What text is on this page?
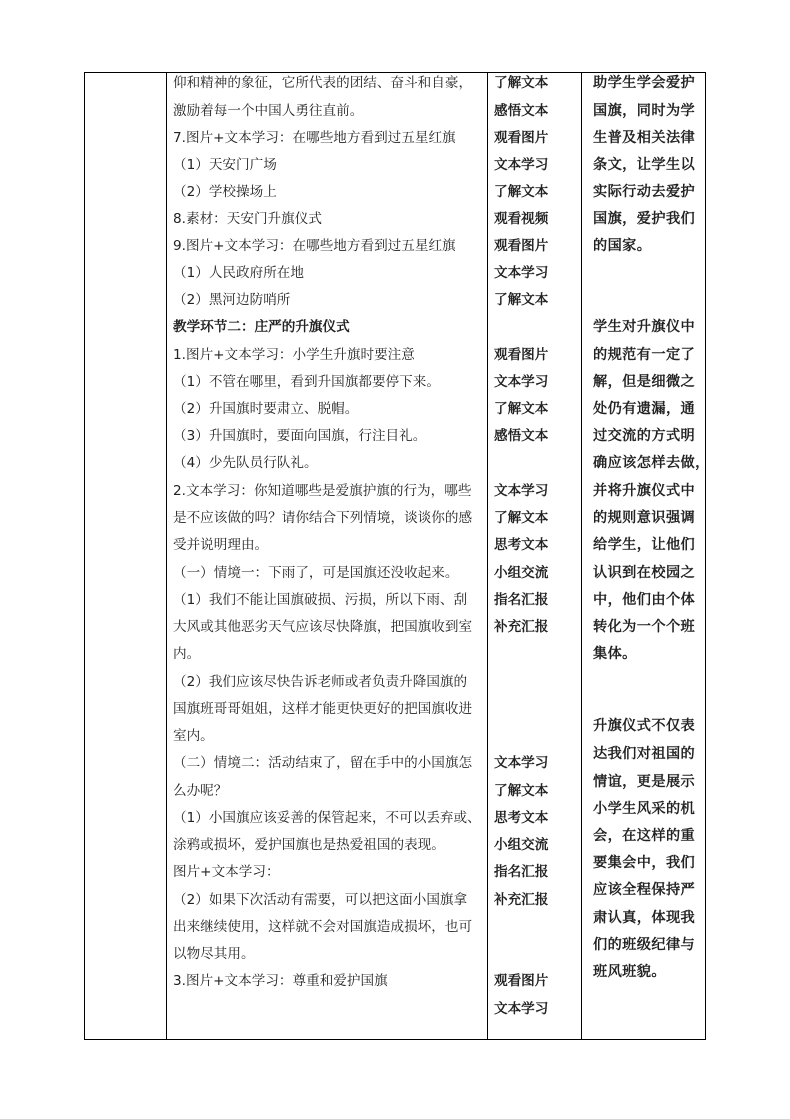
仰和精神的象征，它所代表的团结、奋斗和自豪，
激励着每一个中国人勇往直前。
7.图片+文本学习：在哪些地方看到过五星红旗
（1）天安门广场
（2）学校操场上
8.素材：天安门升旗仪式
9.图片+文本学习：在哪些地方看到过五星红旗
（1）人民政府所在地
（2）黑河边防哨所
教学环节二：庄严的升旗仪式
1.图片+文本学习：小学生升旗时要注意
（1）不管在哪里，看到升国旗都要停下来。
（2）升国旗时要肃立、脱帽。
（3）升国旗时，要面向国旗，行注目礼。
（4）少先队员行队礼。
2.文本学习：你知道哪些是爱旗护旗的行为，哪些
是不应该做的吗？请你结合下列情境，谈谈你的感
受并说明理由。
（一）情境一：下雨了，可是国旗还没收起来。
（1）我们不能让国旗破损、污损，所以下雨、刮
大风或其他恶劣天气应该尽快降旗，把国旗收到室
内。
（2）我们应该尽快告诉老师或者负责升降国旗的
国旗班哥哥姐姐，这样才能更快更好的把国旗收进
室内。
（二）情境二：活动结束了，留在手中的小国旗怎
么办呢？
（1）小国旗应该妥善的保管起来，不可以丢弃或、
涂鸦或损坏，爱护国旗也是热爱祖国的表现。
图片+文本学习：
（2）如果下次活动有需要，可以把这面小国旗拿
出来继续使用，这样就不会对国旗造成损坏，也可
以物尽其用。
3.图片+文本学习：尊重和爱护国旗
了解文本
感悟文本
观看图片
文本学习
了解文本
观看视频
观看图片
文本学习
了解文本
观看图片
文本学习
了解文本
感悟文本
文本学习
了解文本
思考文本
小组交流
指名汇报
补充汇报
文本学习
了解文本
思考文本
小组交流
指名汇报
补充汇报
观看图片
文本学习
助学生学会爱护
国旗，同时为学
生普及相关法律
条文，让学生以
实际行动去爱护
国旗，爱护我们
的国家。
学生对升旗仪中
的规范有一定了
解，但是细微之
处仍有遗漏，通
过交流的方式明
确应该怎样去做，
并将升旗仪式中
的规则意识强调
给学生，让他们
认识到在校园之
中，他们由个体
转化为一个个班
集体。
升旗仪式不仅表
达我们对祖国的
情谊，更是展示
小学生风采的机
会，在这样的重
要集会中，我们
应该全程保持严
肃认真，体现我
们的班级纪律与
班风班貌。
